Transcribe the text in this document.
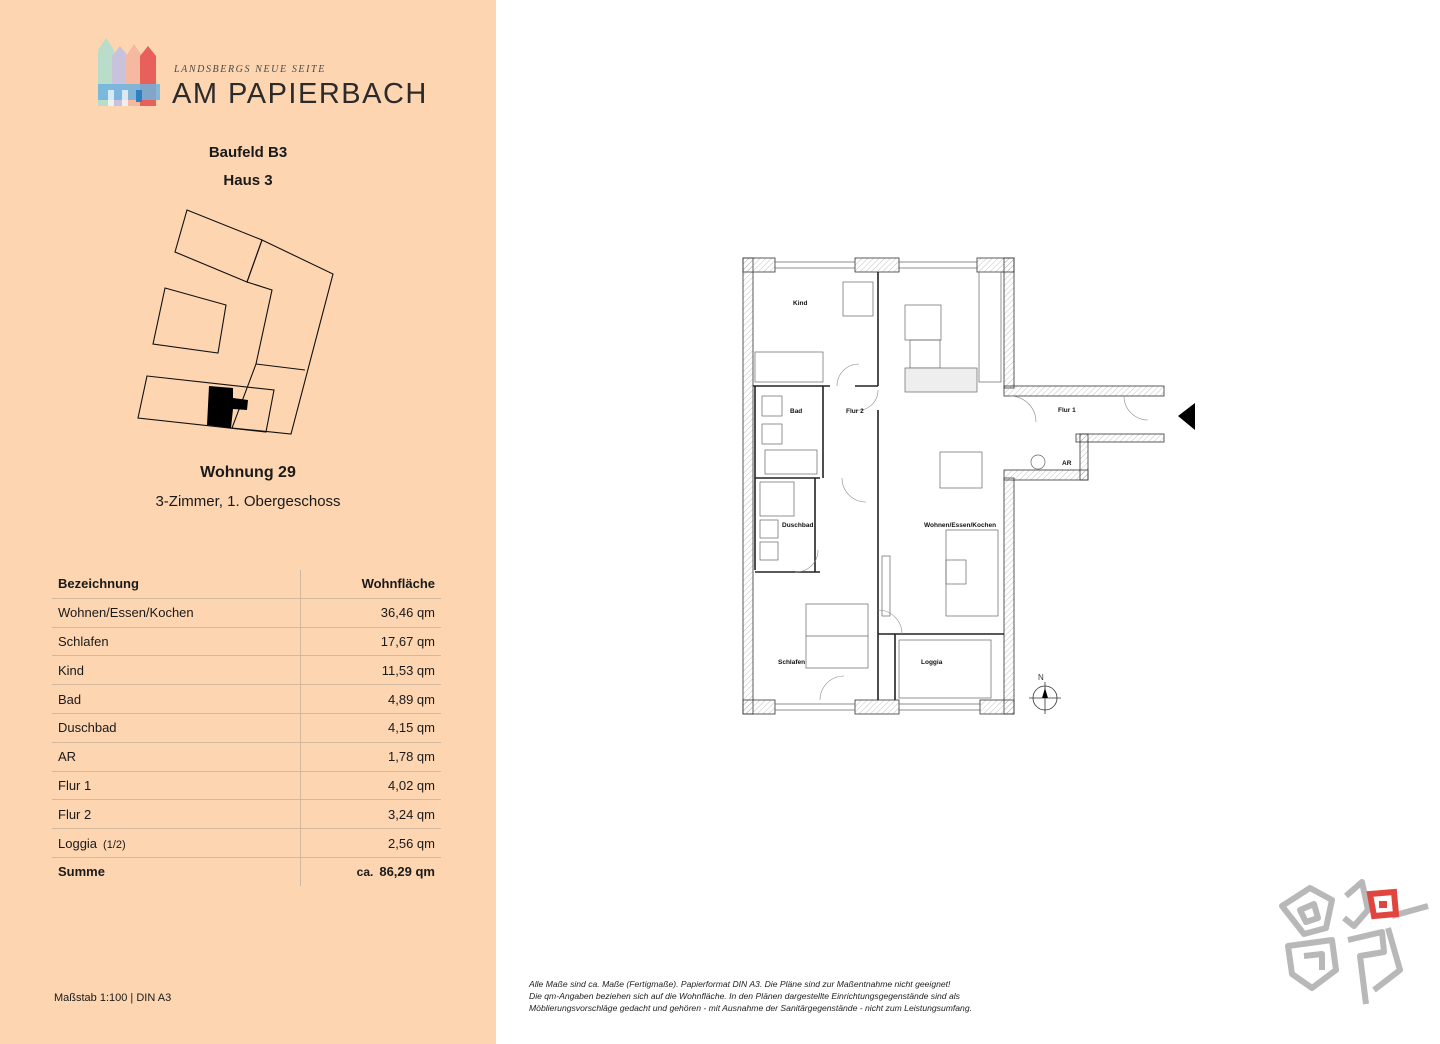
LANDSBERGS NEUE SEITE
AM PAPIERBACH
Baufeld B3
Haus 3
Wohnung 29
3-Zimmer, 1. Obergeschoss
Bezeichnung	Wohnfläche
Wohnen/Essen/Kochen	36,46 qm
Schlafen	17,67 qm
Kind	11,53 qm
Bad	4,89 qm
Duschbad	4,15 qm
AR	1,78 qm
Flur 1	4,02 qm
Flur 2	3,24 qm
Loggia (1/2)	2,56 qm
Summe	ca. 86,29 qm
Maßstab 1:100 | DIN A3
Kind
Bad	Flur 2	Flur 1
AR
Duschbad	Wohnen/Essen/Kochen
Schlafen	Loggia
N
Alle Maße sind ca. Maße (Fertigmaße). Papierformat DIN A3. Die Pläne sind zur Maßentnahme nicht geeignet!
Die qm-Angaben beziehen sich auf die Wohnfläche. In den Plänen dargestellte Einrichtungsgegenstände sind als
Möblierungsvorschläge gedacht und gehören - mit Ausnahme der Sanitärgegenstände - nicht zum Leistungsumfang.
